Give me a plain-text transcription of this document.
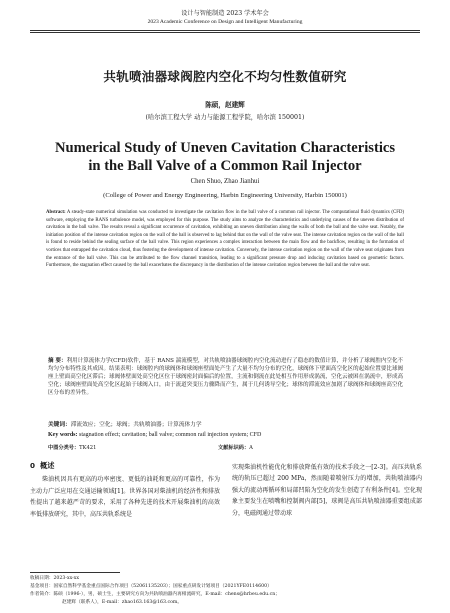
设计与智能制造 2023 学术年会
2023 Academic Conference on Design and Intelligent Manufacturing
共轨喷油器球阀腔内空化不均匀性数值研究
陈硕，赵建辉
(哈尔滨工程大学 动力与能源工程学院，哈尔滨 150001)
Numerical Study of Uneven Cavitation Characteristics
in the Ball Valve of a Common Rail Injector
Chen Shuo, Zhao Jianhui
(College of Power and Energy Engineering, Harbin Engineering University, Harbin 150001)
Abstract: A steady-state numerical simulation was conducted to investigate the cavitation flow in the ball valve of a common rail injector. The computational fluid dynamics (CFD) software, employing the RANS turbulence model, was employed for this purpose. The study aims to analyze the characteristics and underlying causes of the uneven distribution of cavitation in the ball valve. The results reveal a significant occurrence of cavitation, exhibiting an uneven distribution along the walls of both the ball and the valve seat. Notably, the initiation position of the intense cavitation region on the wall of the ball is observed to lag behind that on the wall of the valve seat. The intense cavitation region on the wall of the ball is found to reside behind the sealing surface of the ball valve. This region experiences a complex interaction between the main flow and the backflow, resulting in the formation of vortices that entrapped the cavitation cloud, thus fostering the development of intense cavitation. Conversely, the intense cavitation region on the wall of the valve seat originates from the entrance of the ball valve. This can be attributed to the flow channel transition, leading to a significant pressure drop and inducing cavitation based on geometric factors. Furthermore, the stagnation effect caused by the ball exacerbates the discrepancy in the distribution of the intense cavitation region between the ball and the valve seat.
摘 要：利用计算流体力学(CFD)软件，基于 RANS 湍流模型，对共轨喷油器球阀腔内空化流动进行了稳态的数值计算，并分析了球阀腔内空化不均匀分布特性及其成因。结果表明：球阀腔内的球阀体和球阀座壁面处产生了大量不均匀分布的空化，球阀体下壁面高空化区的起始位置要比球阀座上壁面高空化区滞后；球阀体壁面处高空化区位于球阀密封面偏后的位置，主流和倒流在此处相互作用形成涡流，空化云被困在涡流中，形成高空化；球阀座壁面处高空化区起始于球阀入口，由于流道突变压力骤降而产生，属于几何诱导空化；球体的滞流效应加剧了球阀体和球阀座高空化区分布的差异性。
关键词：滞流效应；空化；球阀；共轨喷油器；计算流体力学
Key words: stagnation effect; cavitation; ball valve; common rail injection system; CFD
中图分类号：TK421	文献标识码：A
0 概述

柴油机因具有更高的功率密度、更低的油耗和更高的可靠性，作为主动力广泛应用在交通运输领域[1]。世界各国对柴油机的经济性和排放性提出了越来越严苛的要求，采用了各种先进的技术开展柴油机的高效率低排放研究，其中，高压共轨系统是

实现柴油机性能优化和排放降低有效的技术手段之一[2-3]。高压共轨系统的轨压已超过 200 MPa，然而随着喷射压力的增加，共轨喷油器内强大的流动再循环和局部凹陷为空化的发生创造了有利条件[4]。空化现象主要发生在喷嘴和控制阀内部[5]，球阀是高压共轨喷油器重要组成部分，电磁阀通过带动球

收稿日期：2023-xx-xx
基金项目：国家自然科学基金重点国际合作项目（52061135203）；国家重点研发计划项目（2021YFE0114600）
作者简介：陈硕（1996-），男，硕士生，主要研究方向为共轨喷油器内再相流研究，E-mail：chens@hrbeu.edu.cn；
赵建辉（联系人），E-mail：zhao163.163@163.com。
